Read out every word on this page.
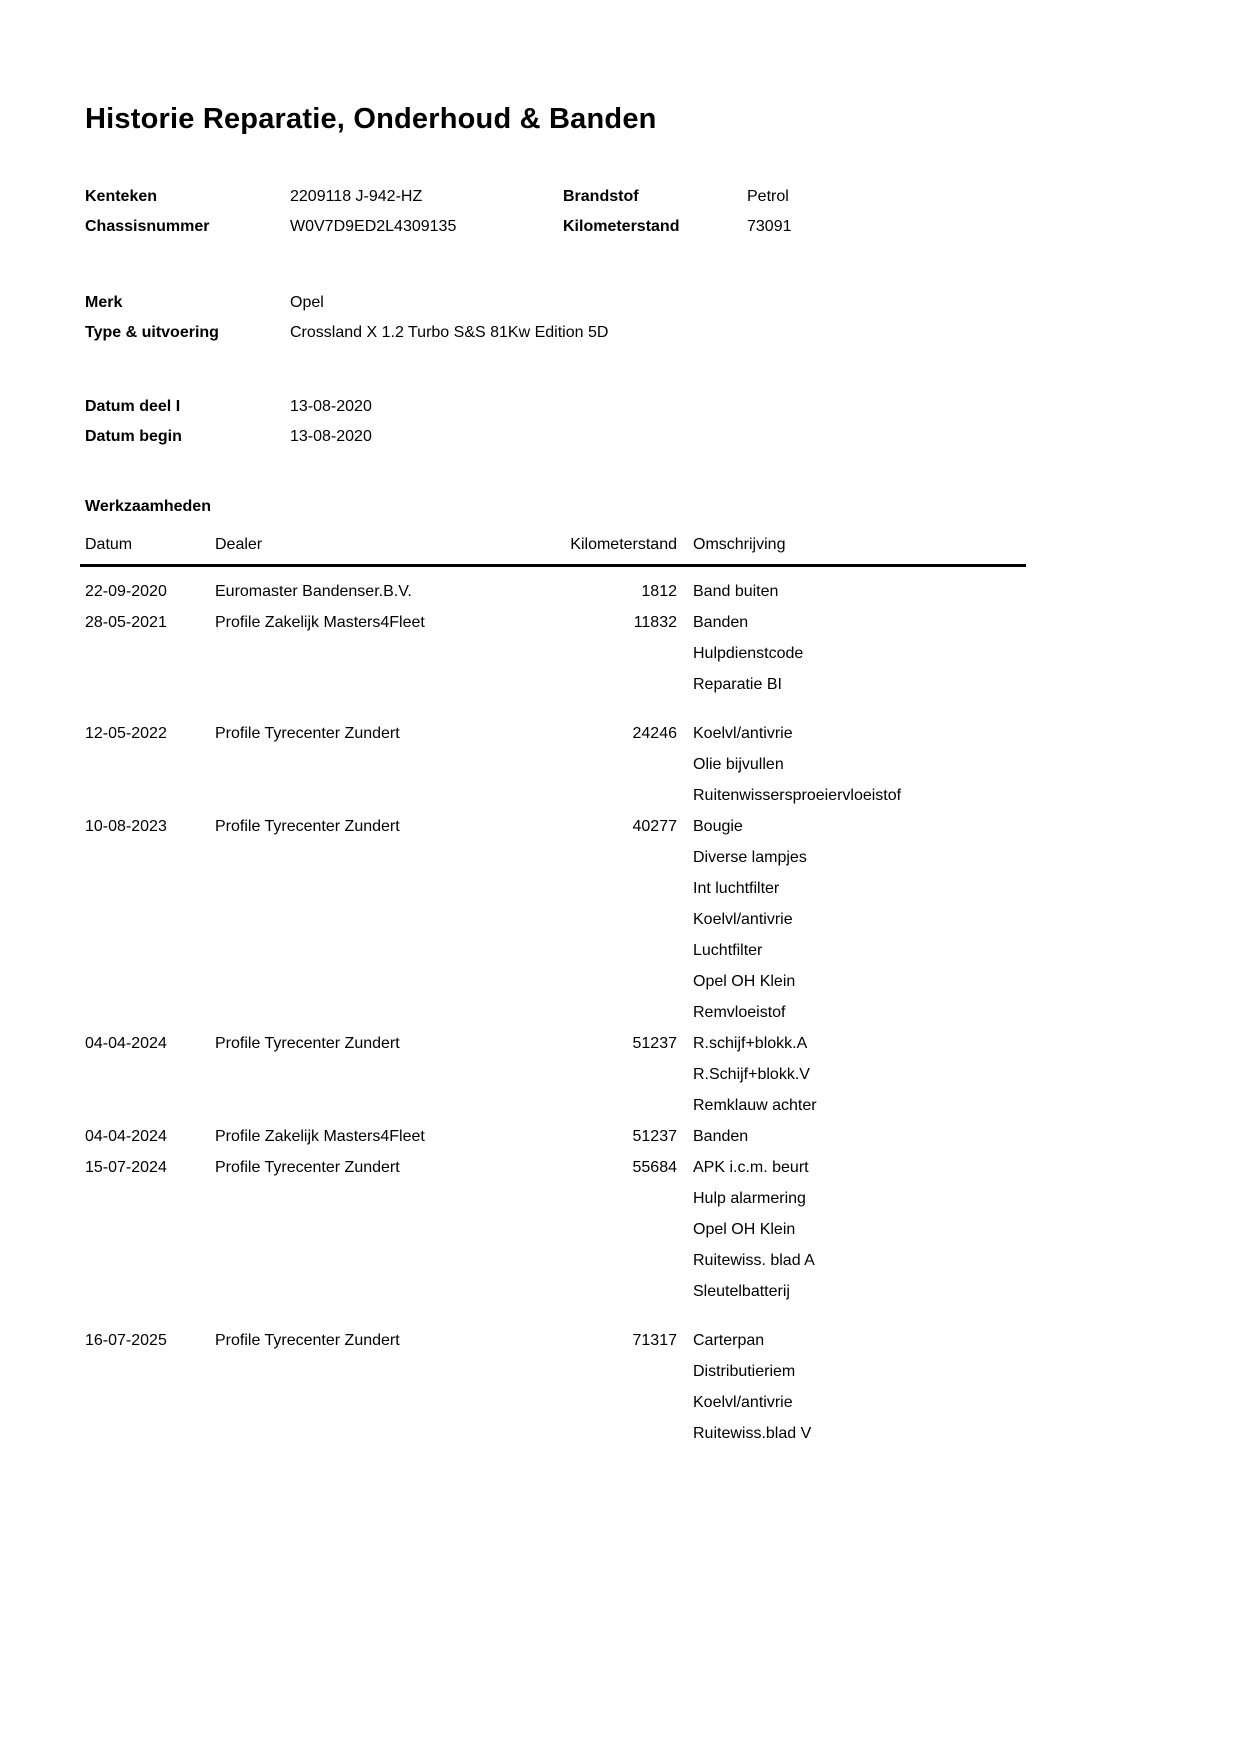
Historie Reparatie, Onderhoud & Banden
Kenteken	2209118 J-942-HZ	Brandstof	Petrol
Chassisnummer	W0V7D9ED2L4309135	Kilometerstand	73091
Merk	Opel
Type & uitvoering	Crossland X 1.2 Turbo S&S 81Kw Edition 5D
Datum deel I	13-08-2020
Datum begin	13-08-2020
Werkzaamheden
Datum	Dealer	Kilometerstand	Omschrijving
22-09-2020	Euromaster Bandenser.B.V.	1812 Band buiten
28-05-2021	Profile Zakelijk Masters4Fleet	11832 Banden
Hulpdienstcode
Reparatie BI
12-05-2022	Profile Tyrecenter Zundert	24246 Koelvl/antivrie
Olie bijvullen
Ruitenwissersproeiervloeistof
10-08-2023	Profile Tyrecenter Zundert	40277 Bougie
Diverse lampjes
Int luchtfilter
Koelvl/antivrie
Luchtfilter
Opel OH Klein
Remvloeistof
04-04-2024	Profile Tyrecenter Zundert	51237 R.schijf+blokk.A
R.Schijf+blokk.V
Remklauw achter
04-04-2024	Profile Zakelijk Masters4Fleet	51237 Banden
15-07-2024	Profile Tyrecenter Zundert	55684 APK i.c.m. beurt
Hulp alarmering
Opel OH Klein
Ruitewiss. blad A
Sleutelbatterij
16-07-2025	Profile Tyrecenter Zundert	71317 Carterpan
Distributieriem
Koelvl/antivrie
Ruitewiss.blad V
